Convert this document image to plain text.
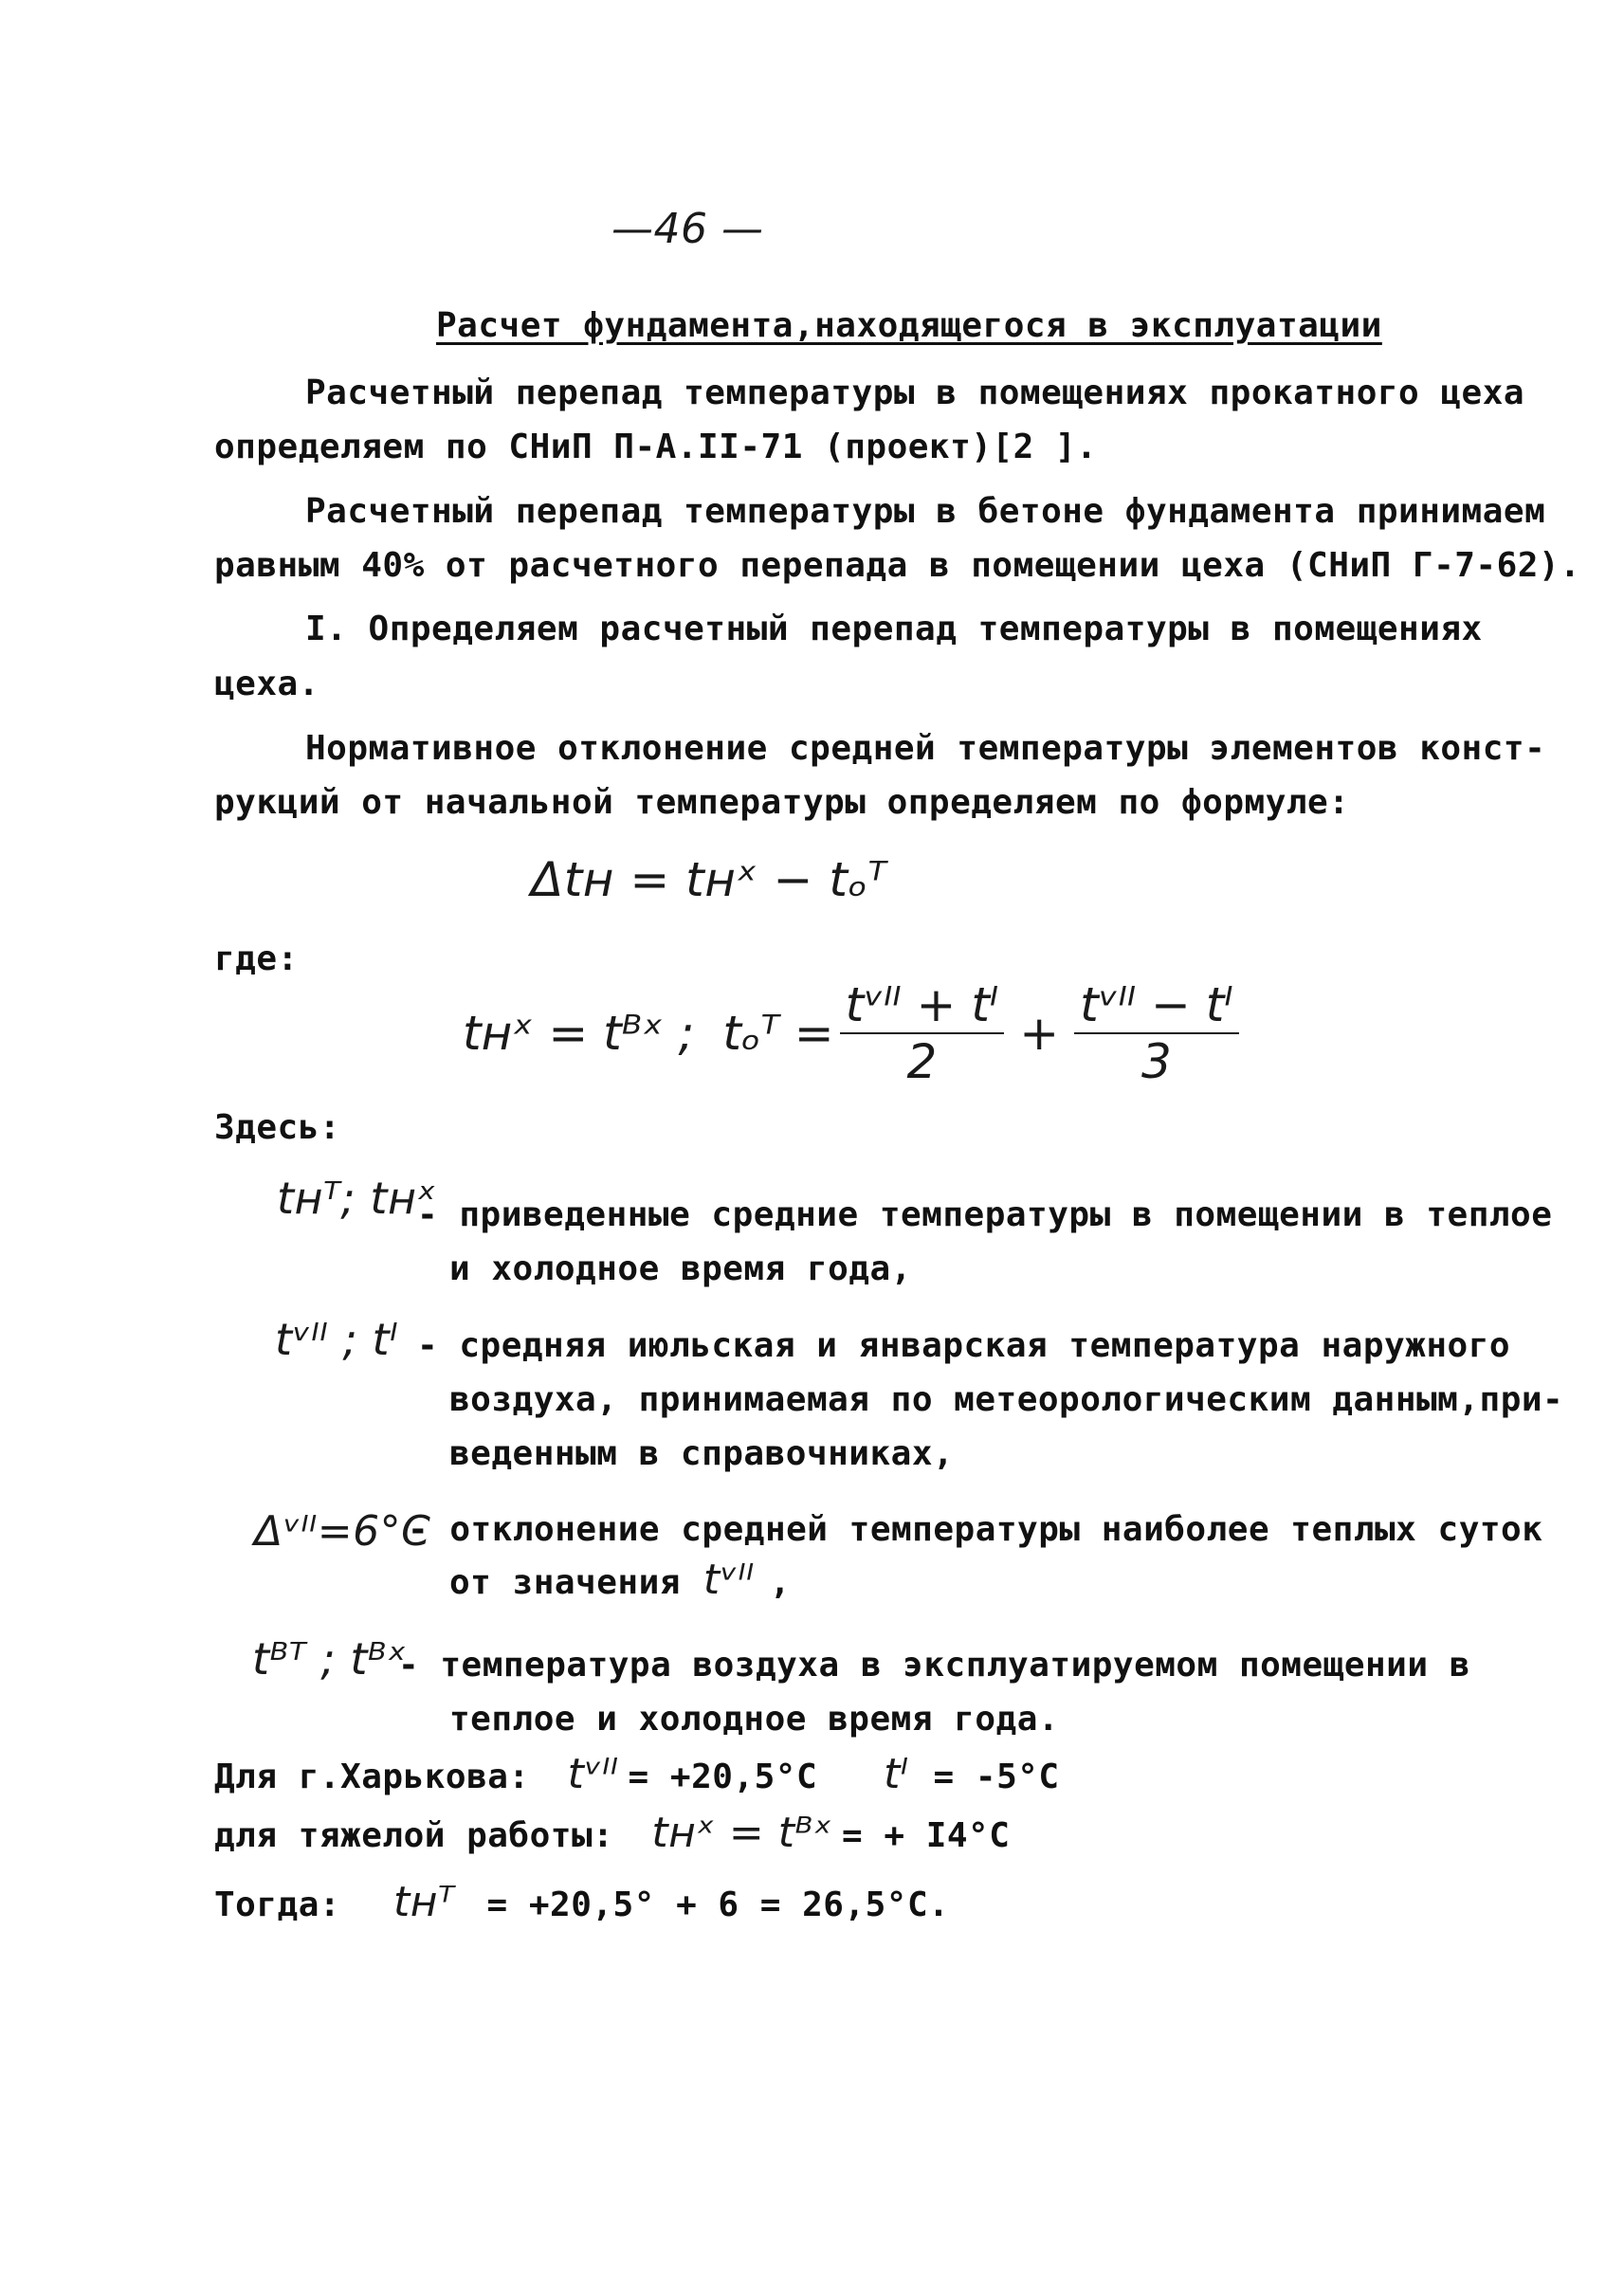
—46 —
Расчет фундамента,находящегося в эксплуатации
Расчетный перепад температуры в помещениях прокатного цеха
определяем по СНиП П-А.II-71 (проект)[2 ].
Расчетный перепад температуры в бетоне фундамента принимаем
равным 40% от расчетного перепада в помещении цеха (СНиП Г-7-62).
I. Определяем расчетный перепад температуры в помещениях
цеха.
Нормативное отклонение средней температуры элементов конст-
рукций от начальной температуры определяем по формуле:
Δtн = tнˣ − tₒᵀ
где:
tнˣ = tᴮˣ ; tₒᵀ = $\frac{\text{tᵛᴵᴵ + tᴵ}}{2} + \frac{\text{tᵛᴵᴵ − tᴵ}}{3}$
Здесь:
tнᵀ; tнˣ
- приведенные средние температуры в помещении в теплое
и холодное время года,
tᵛᴵᴵ ; tᴵ - средняя июльская и январская температура наружного
воздуха, принимаемая по метеорологическим данным,при-
веденным в справочниках,
Δᵛᴵᴵ=6°C
- отклонение средней температуры наиболее теплых суток
от значения tᵛᴵᴵ ,
tᴮᵀ ; tᴮˣ
- температура воздуха в эксплуатируемом помещении в
теплое и холодное время года.
Для г.Харькова: tᵛᴵᴵ = +20,5°C tᴵ = -5°C
для тяжелой работы: tнˣ = tᴮˣ = + I4°C
Тогда: tнᵀ = +20,5° + 6 = 26,5°C.
